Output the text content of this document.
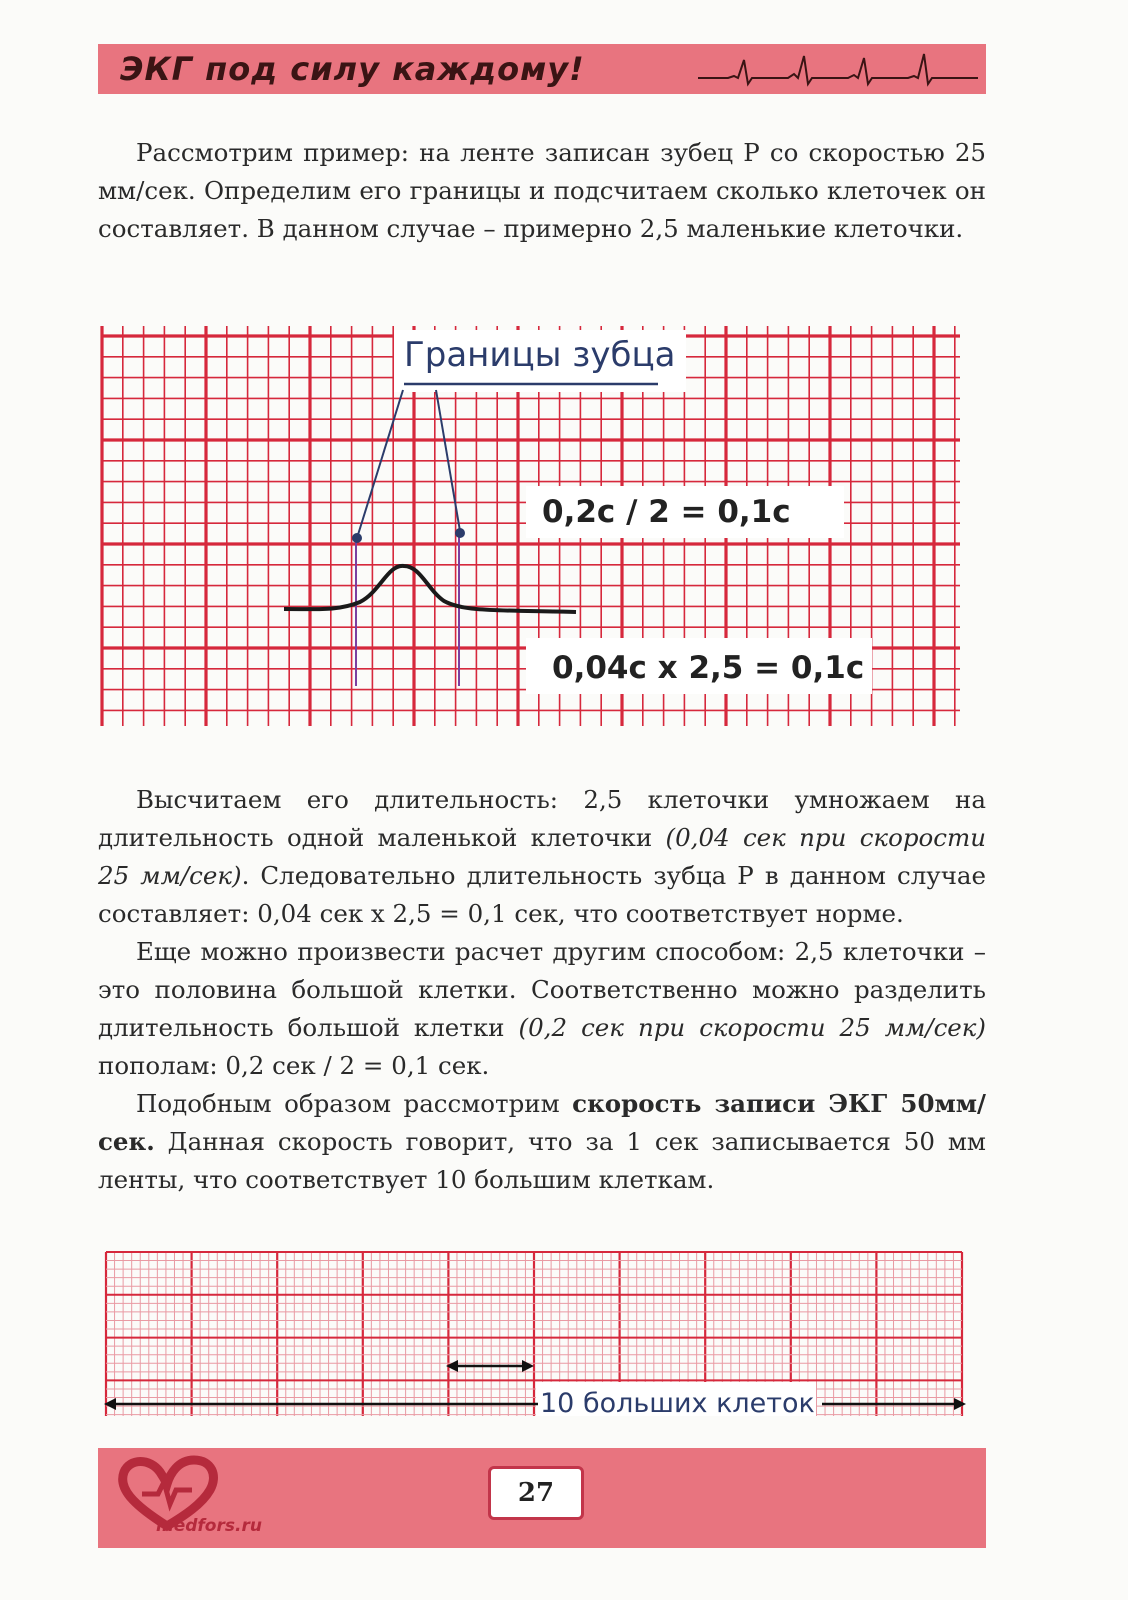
ЭКГ под силу каждому!

Рассмотрим пример: на ленте записан зубец Р со скоростью 25 мм/сек. Определим его границы и подсчитаем сколько клеточек он составляет. В данном случае – примерно 2,5 маленькие клеточки.

Границы зубца
0,2с / 2 = 0,1с
0,04с х 2,5 = 0,1с

Высчитаем его длительность: 2,5 клеточки умножаем на длительность одной маленькой клеточки (0,04 сек при скорости 25 мм/сек). Следовательно длительность зубца Р в данном случае составляет: 0,04 сек х 2,5 = 0,1 сек, что соответствует норме.

Еще можно произвести расчет другим способом: 2,5 клеточки – это половина большой клетки. Соответственно можно разделить длительность большой клетки (0,2 сек при скорости 25 мм/сек) пополам: 0,2 сек / 2 = 0,1 сек.

Подобным образом рассмотрим скорость записи ЭКГ 50мм/сек. Данная скорость говорит, что за 1 сек записывается 50 мм ленты, что соответствует 10 большим клеткам.

10 больших клеток
medfors.ru
27
